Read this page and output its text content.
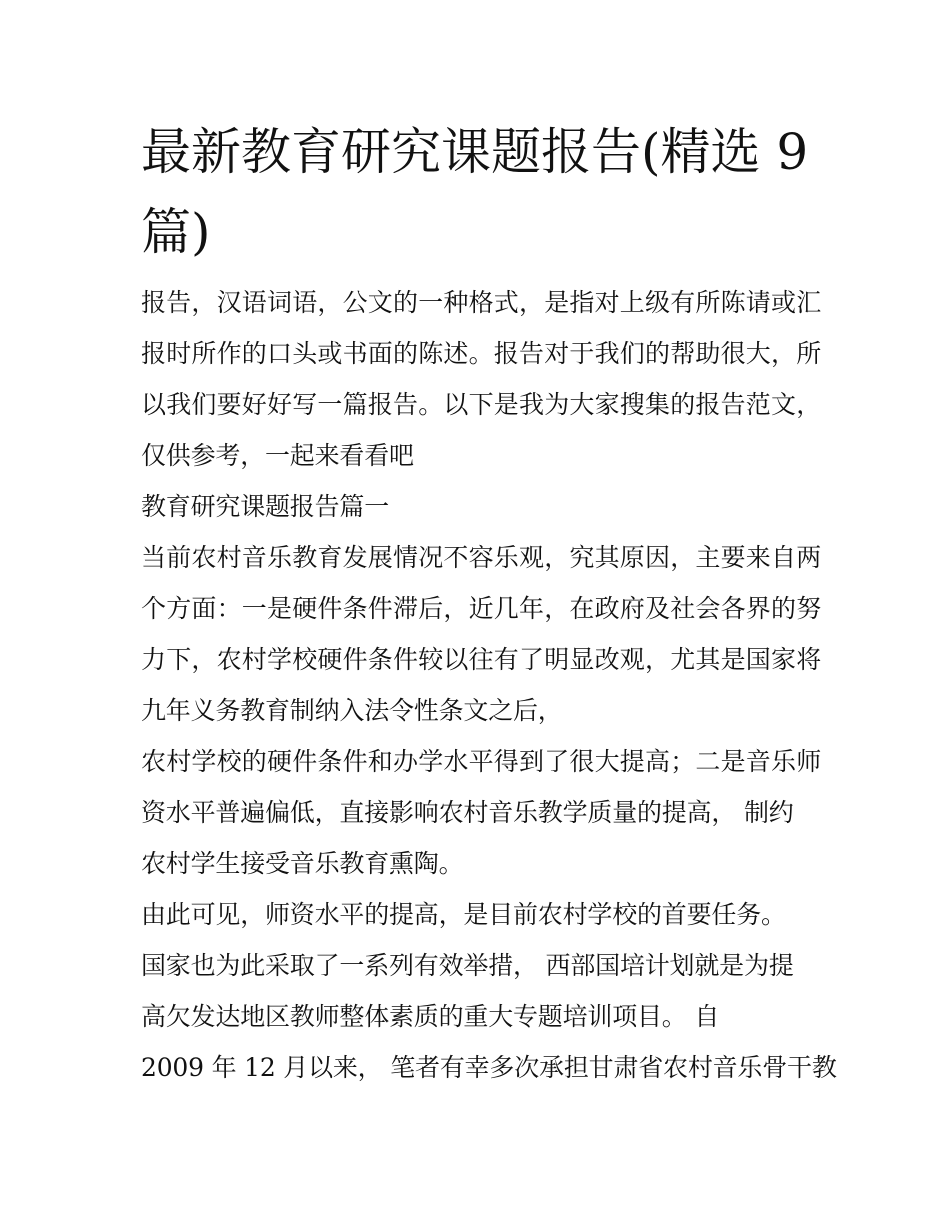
最新教育研究课题报告(精选 9 篇)
报告，汉语词语，公文的一种格式，是指对上级有所陈请或汇
报时所作的口头或书面的陈述。报告对于我们的帮助很大，所
以我们要好好写一篇报告。以下是我为大家搜集的报告范文，
仅供参考，一起来看看吧
教育研究课题报告篇一
当前农村音乐教育发展情况不容乐观，究其原因，主要来自两
个方面：一是硬件条件滞后，近几年，在政府及社会各界的努
力下，农村学校硬件条件较以往有了明显改观，尤其是国家将
九年义务教育制纳入法令性条文之后，
农村学校的硬件条件和办学水平得到了很大提高；二是音乐师
资水平普遍偏低，直接影响农村音乐教学质量的提高， 制约
农村学生接受音乐教育熏陶。
由此可见，师资水平的提高，是目前农村学校的首要任务。
国家也为此采取了一系列有效举措， 西部国培计划就是为提
高欠发达地区教师整体素质的重大专题培训项目。 自
2009 年 12 月以来， 笔者有幸多次承担甘肃省农村音乐骨干教
